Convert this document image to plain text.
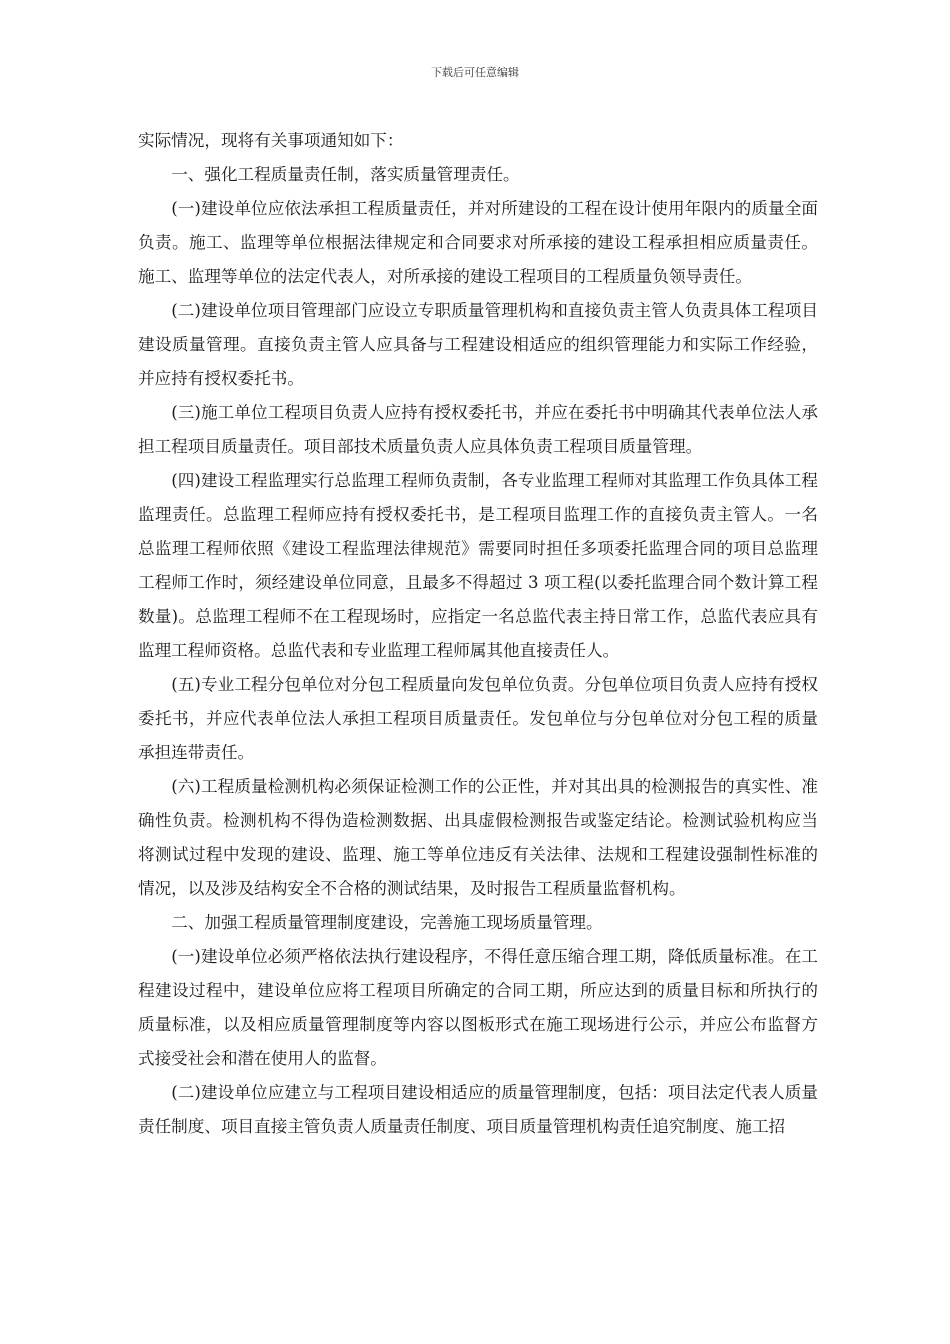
下载后可任意编辑

实际情况，现将有关事项通知如下：

一、强化工程质量责任制，落实质量管理责任。

(一)建设单位应依法承担工程质量责任，并对所建设的工程在设计使用年限内的质量全面负责。施工、监理等单位根据法律规定和合同要求对所承接的建设工程承担相应质量责任。施工、监理等单位的法定代表人，对所承接的建设工程项目的工程质量负领导责任。

(二)建设单位项目管理部门应设立专职质量管理机构和直接负责主管人负责具体工程项目建设质量管理。直接负责主管人应具备与工程建设相适应的组织管理能力和实际工作经验，并应持有授权委托书。

(三)施工单位工程项目负责人应持有授权委托书，并应在委托书中明确其代表单位法人承担工程项目质量责任。项目部技术质量负责人应具体负责工程项目质量管理。

(四)建设工程监理实行总监理工程师负责制，各专业监理工程师对其监理工作负具体工程监理责任。总监理工程师应持有授权委托书，是工程项目监理工作的直接负责主管人。一名总监理工程师依照《建设工程监理法律规范》需要同时担任多项委托监理合同的项目总监理工程师工作时，须经建设单位同意，且最多不得超过 3 项工程(以委托监理合同个数计算工程数量)。总监理工程师不在工程现场时，应指定一名总监代表主持日常工作，总监代表应具有监理工程师资格。总监代表和专业监理工程师属其他直接责任人。

(五)专业工程分包单位对分包工程质量向发包单位负责。分包单位项目负责人应持有授权委托书，并应代表单位法人承担工程项目质量责任。发包单位与分包单位对分包工程的质量承担连带责任。

(六)工程质量检测机构必须保证检测工作的公正性，并对其出具的检测报告的真实性、准确性负责。检测机构不得伪造检测数据、出具虚假检测报告或鉴定结论。检测试验机构应当将测试过程中发现的建设、监理、施工等单位违反有关法律、法规和工程建设强制性标准的情况，以及涉及结构安全不合格的测试结果，及时报告工程质量监督机构。

二、加强工程质量管理制度建设，完善施工现场质量管理。

(一)建设单位必须严格依法执行建设程序，不得任意压缩合理工期，降低质量标准。在工程建设过程中，建设单位应将工程项目所确定的合同工期，所应达到的质量目标和所执行的质量标准，以及相应质量管理制度等内容以图板形式在施工现场进行公示，并应公布监督方式接受社会和潜在使用人的监督。

(二)建设单位应建立与工程项目建设相适应的质量管理制度，包括：项目法定代表人质量责任制度、项目直接主管负责人质量责任制度、项目质量管理机构责任追究制度、施工招
